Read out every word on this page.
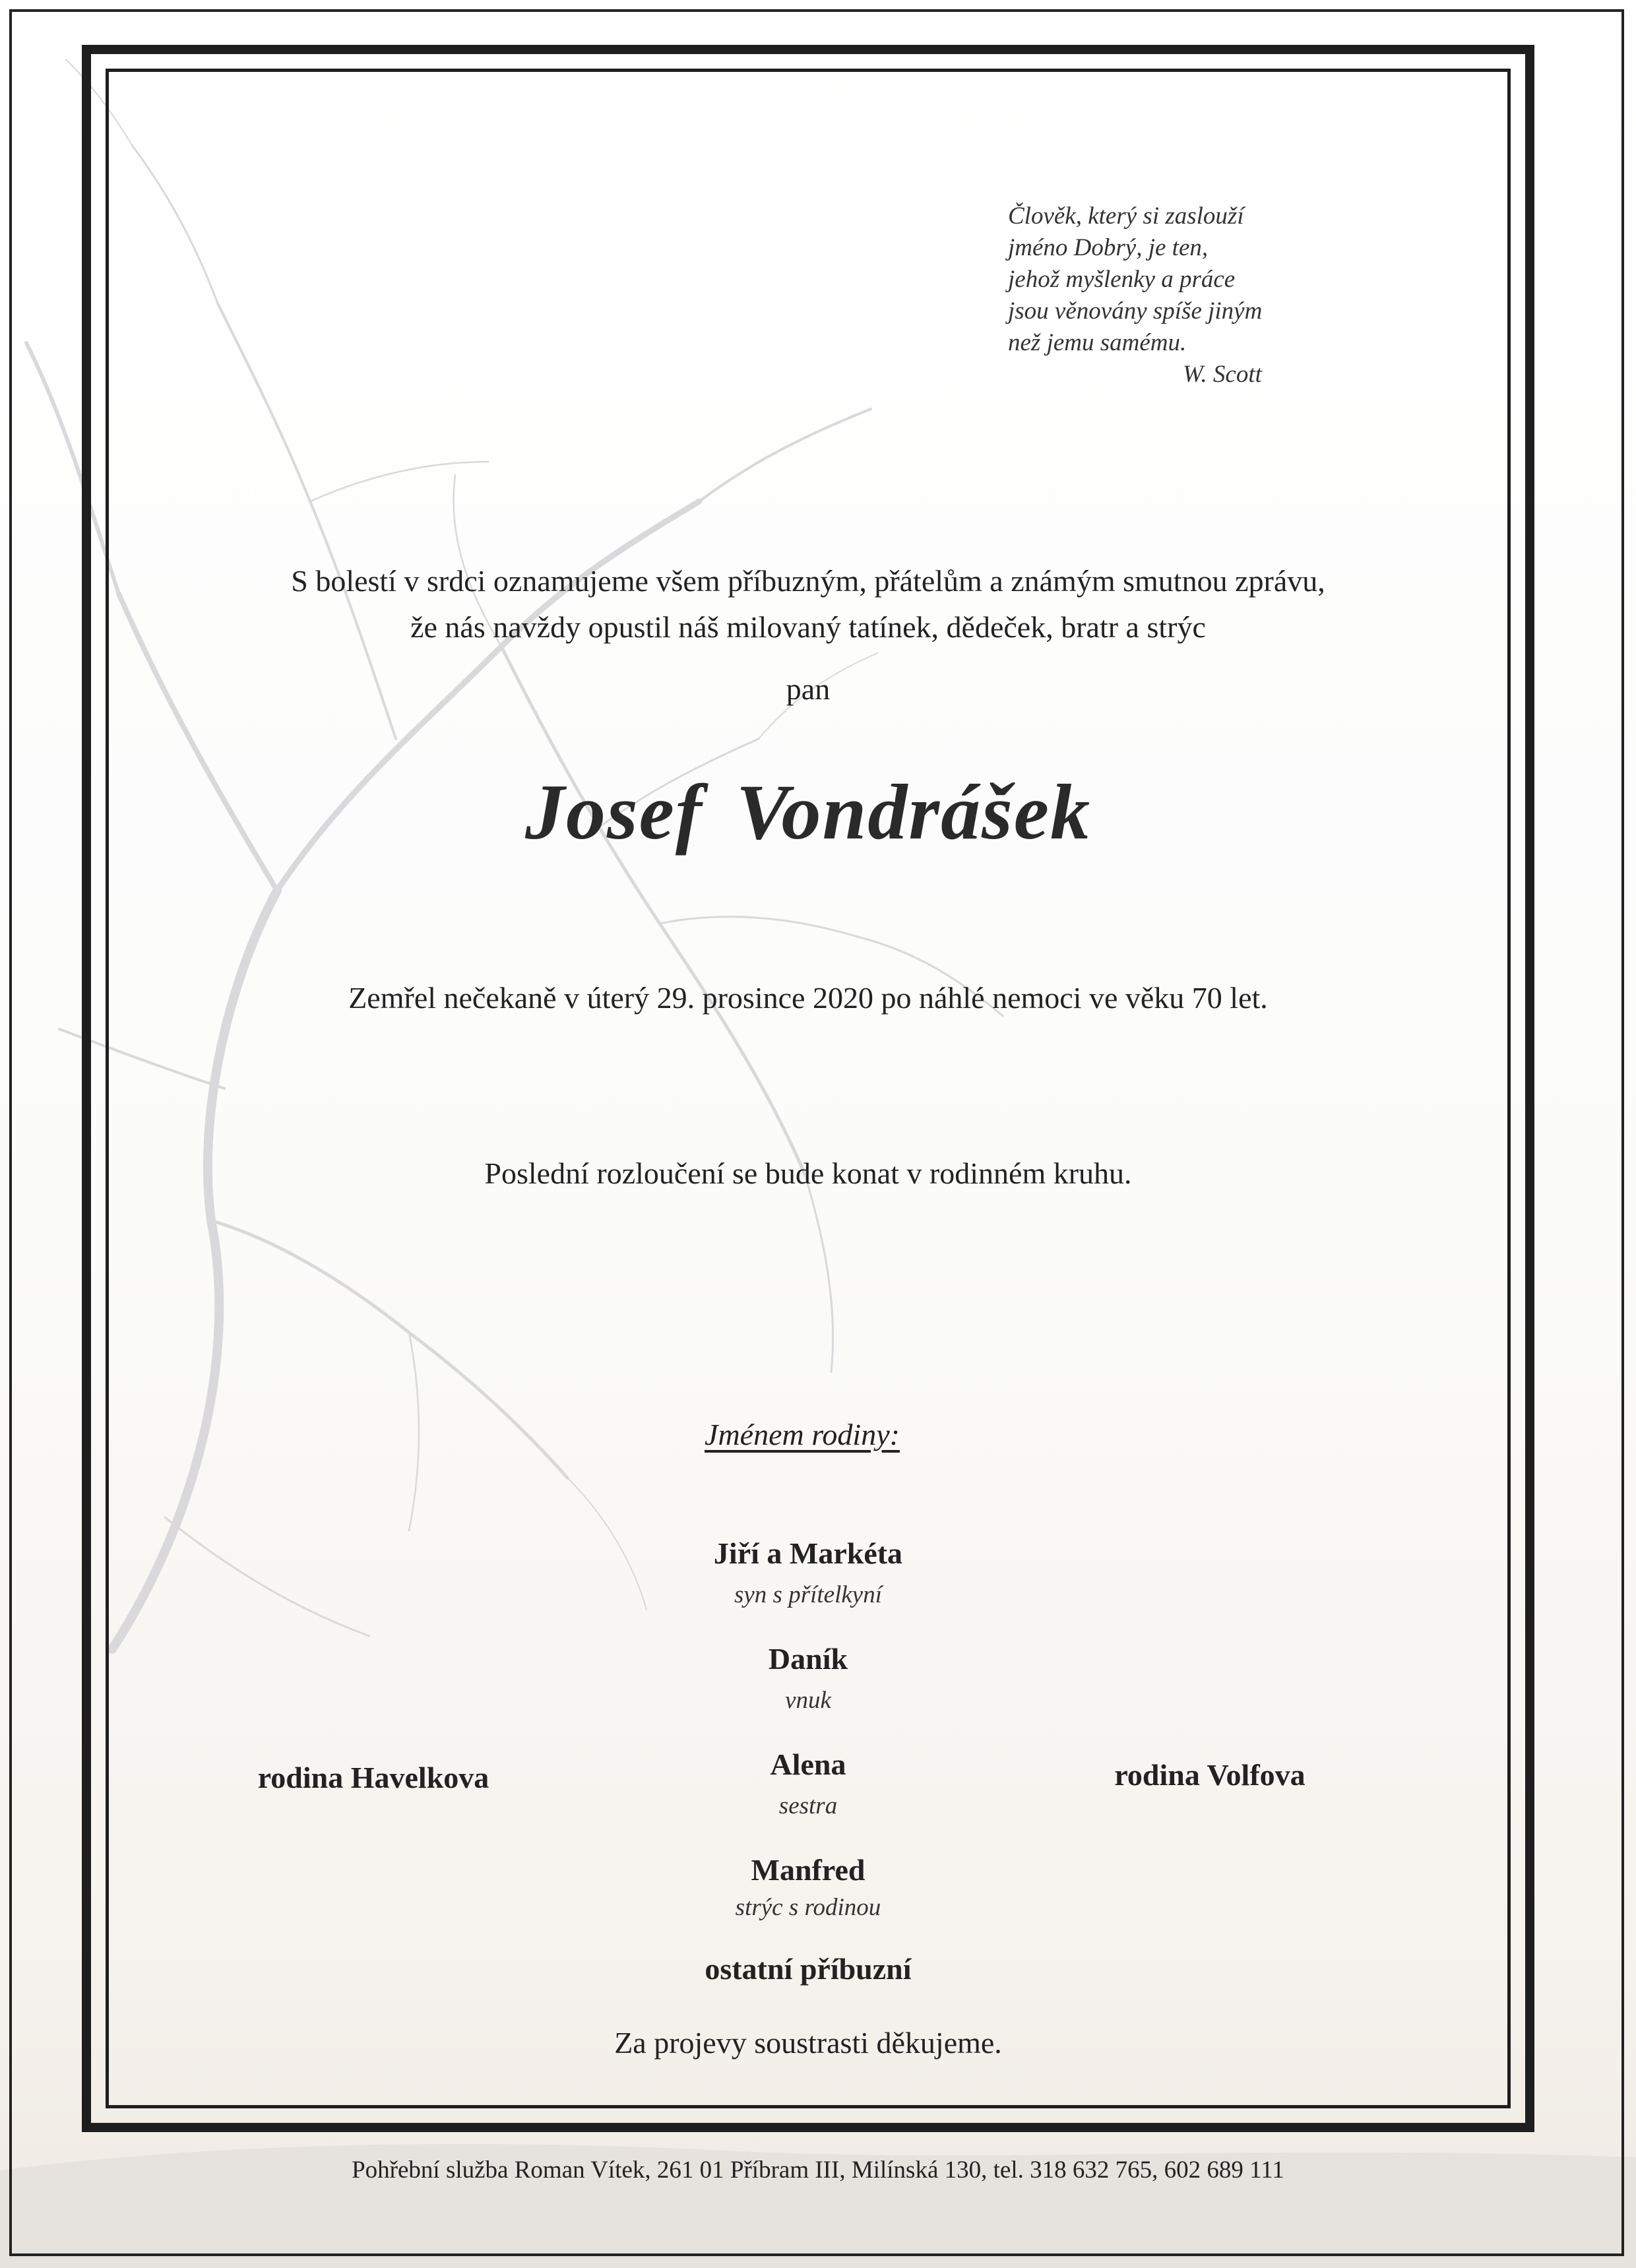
Člověk, který si zaslouží
jméno Dobrý, je ten,
jehož myšlenky a práce
jsou věnovány spíše jiným
než jemu samému.
W. Scott
S bolestí v srdci oznamujeme všem příbuzným, přátelům a známým smutnou zprávu,
že nás navždy opustil náš milovaný tatínek, dědeček, bratr a strýc
pan
Josef Vondrášek
Zemřel nečekaně v úterý 29. prosince 2020 po náhlé nemoci ve věku 70 let.
Poslední rozloučení se bude konat v rodinném kruhu.
Jménem rodiny:
Jiří a Markéta
syn s přítelkyní
Daník
vnuk
Alena
sestra
Manfred
strýc s rodinou
ostatní příbuzní
rodina Havelkova	rodina Volfova
Za projevy soustrasti děkujeme.
Pohřební služba Roman Vítek, 261 01 Příbram III, Milínská 130, tel. 318 632 765, 602 689 111
